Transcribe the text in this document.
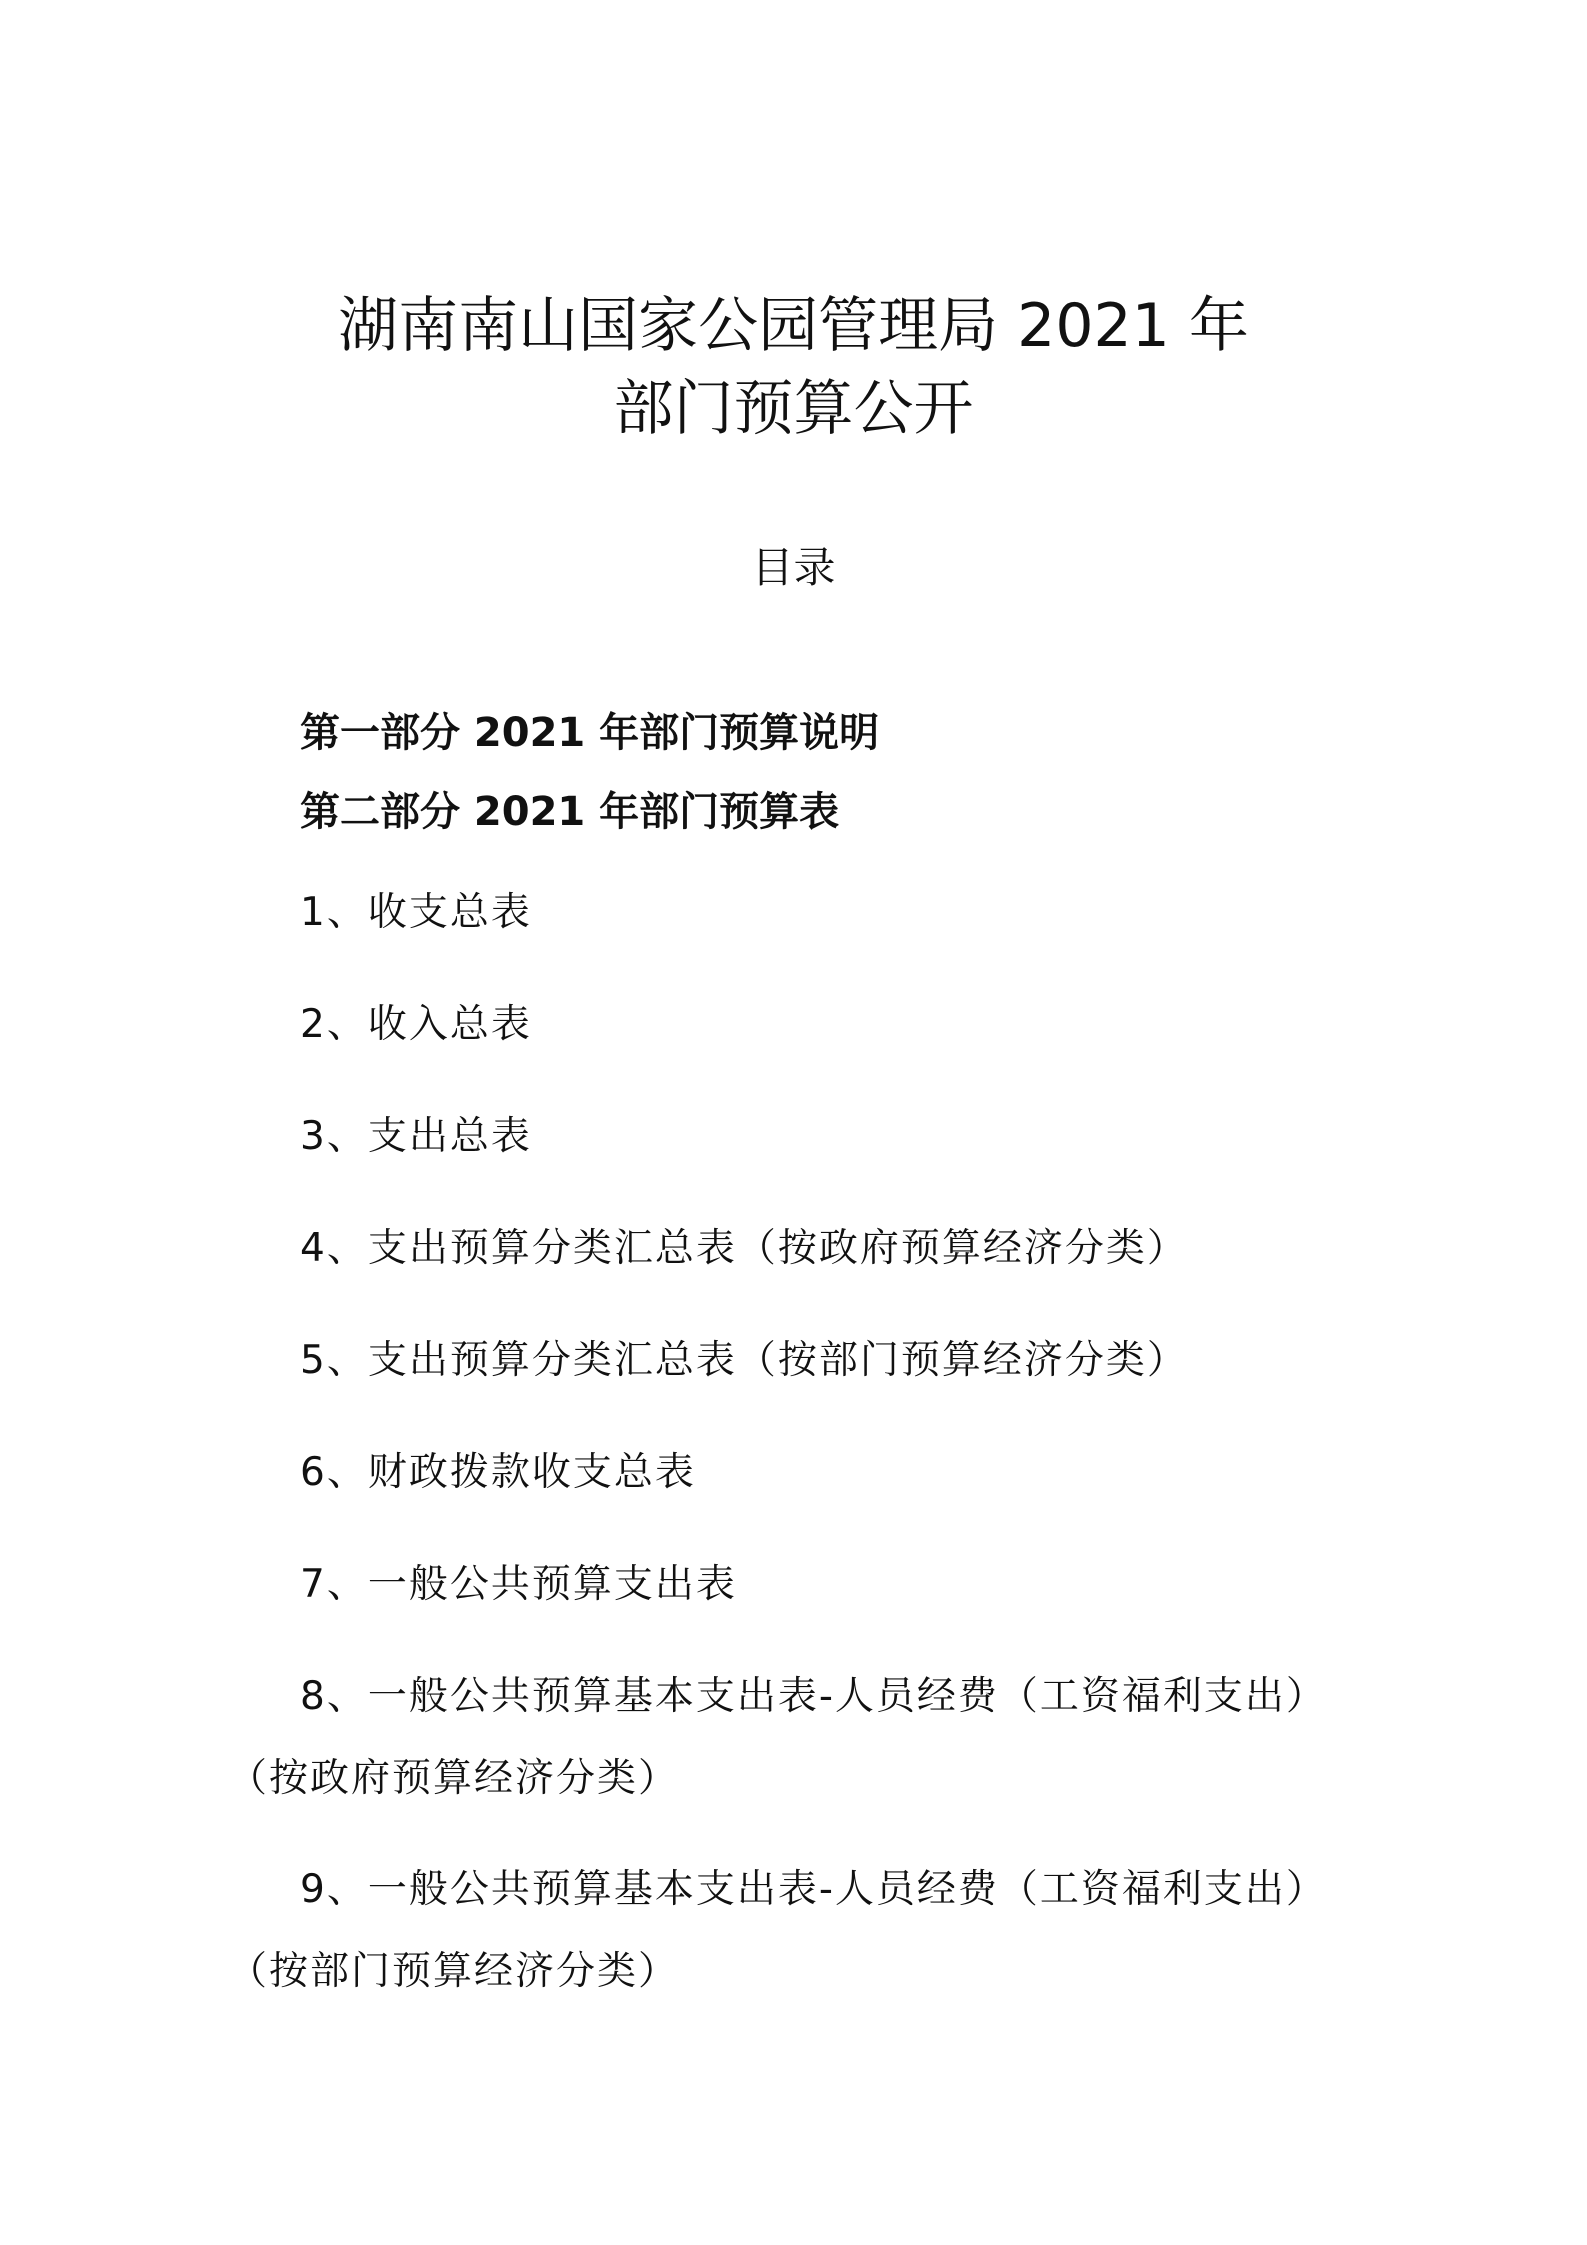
湖南南山国家公园管理局 2021 年
部门预算公开
目录
第一部分 2021 年部门预算说明
第二部分 2021 年部门预算表
1、收支总表
2、收入总表
3、支出总表
4、支出预算分类汇总表（按政府预算经济分类）
5、支出预算分类汇总表（按部门预算经济分类）
6、财政拨款收支总表
7、一般公共预算支出表
8、一般公共预算基本支出表-人员经费（工资福利支出）
（按政府预算经济分类）
9、一般公共预算基本支出表-人员经费（工资福利支出）
（按部门预算经济分类）
